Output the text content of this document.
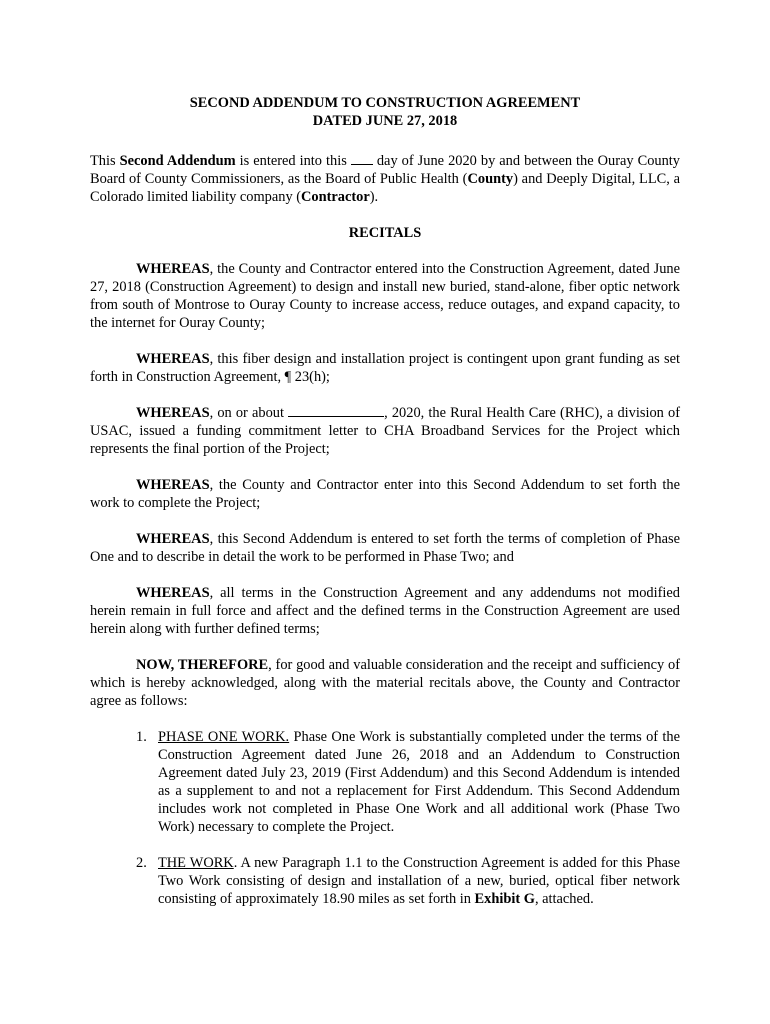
SECOND ADDENDUM TO CONSTRUCTION AGREEMENT

DATED JUNE 27, 2018

This Second Addendum is entered into this  day of June 2020 by and between the Ouray County Board of County Commissioners, as the Board of Public Health (County) and Deeply Digital, LLC, a Colorado limited liability company (Contractor).

RECITALS

WHEREAS, the County and Contractor entered into the Construction Agreement, dated June 27, 2018 (Construction Agreement) to design and install new buried, stand-alone, fiber optic network from south of Montrose to Ouray County to increase access, reduce outages, and expand capacity, to the internet for Ouray County;

WHEREAS, this fiber design and installation project is contingent upon grant funding as set forth in Construction Agreement, ¶ 23(h);

WHEREAS, on or about	, 2020, the Rural Health Care (RHC), a division of USAC, issued a funding commitment letter to CHA Broadband Services for the Project which represents the final portion of the Project;

WHEREAS, the County and Contractor enter into this Second Addendum to set forth the work to complete the Project;

WHEREAS, this Second Addendum is entered to set forth the terms of completion of Phase One and to describe in detail the work to be performed in Phase Two; and

WHEREAS, all terms in the Construction Agreement and any addendums not modified herein remain in full force and affect and the defined terms in the Construction Agreement are used herein along with further defined terms;

NOW, THEREFORE, for good and valuable consideration and the receipt and sufficiency of which is hereby acknowledged, along with the material recitals above, the County and Contractor agree as follows:

1. PHASE ONE WORK. Phase One Work is substantially completed under the terms of the Construction Agreement dated June 26, 2018 and an Addendum to Construction Agreement dated July 23, 2019 (First Addendum) and this Second Addendum is intended as a supplement to and not a replacement for First Addendum. This Second Addendum includes work not completed in Phase One Work and all additional work (Phase Two Work) necessary to complete the Project.
2. THE WORK. A new Paragraph 1.1 to the Construction Agreement is added for this Phase Two Work consisting of design and installation of a new, buried, optical fiber network consisting of approximately 18.90 miles as set forth in Exhibit G, attached.
